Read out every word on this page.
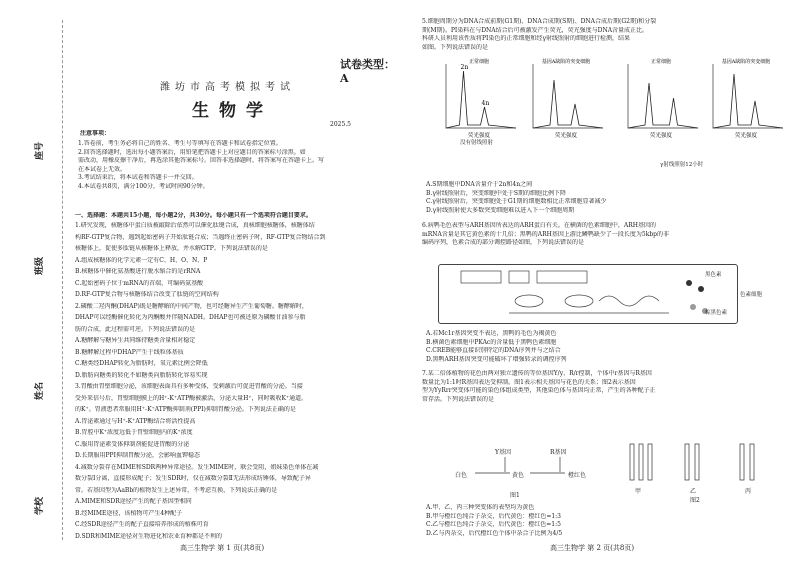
学校
姓名
班级
座号
试卷类型：A
潍坊市高考模拟考试
生物学
2025.5
注意事项：
1.答卷前，考生务必将自己的姓名、考生号等填写在答题卡和试卷指定位置。
2.回答选择题时，选出每小题答案后，用铅笔把答题卡上对应题目的答案标号涂黑。如
需改动，用橡皮擦干净后，再选涂其他答案标号。回答非选择题时，将答案写在答题卡上。写
在本试卷上无效。
3.考试结束后，将本试卷和答题卡一并交回。
4.本试卷共8页，满分100分，考试时间90分钟。
一、选择题：本题共15小题，每小题2分，共30分。每小题只有一个选项符合题目要求。
1.研究发现，核糖体中蛋白质被敲除后依然可以催化肽键合成，真核细胞核糖体，核糖体结
构RF-GTP复合物，遇到起始密码子开始肽链合成；当遇终止密码子时，RF-GTP复合物结合到
核糖体上，促使多肽链从核糖体上释放，并水解GTP。下列说法错误的是
A.组成核糖体的化学元素一定有C、H、O、N、P
B.核糖体中催化氨基酸进行脱水缩合的是rRNA
C.起始密码子位于mRNA的首端，可编码氨基酸
D.RF-GTP复合物与核糖体结合改变了肽链的空间结构
2.磷酸二羟丙酮(DHAP)既是糖酵解的中间产物，也可经糖异生产生葡萄糖。糖酵解时，
DHAP可以经酶催化转化为丙酮酸并伴随NADH。DHAP也可被还原为磷酸甘油参与脂
肪的合成，此过程需可逆。下列说法错误的是
A.糖酵解与糖异生共同维持糖类含量相对稳定
B.糖酵解过程中DHAP产生于线粒体基质
C.糖类经DHAP转化为脂肪时，氧元素比例会降低
D.脂肪向糖类的转化不如糖类向脂肪转化容易实现
3.胃酸由胃壁细胞分泌，该细胞表面具有多种受体，受刺激后可促进胃酸的分泌。当接
受外来信号后，胃壁细胞膜上的H⁺-K⁺ATP酶被激活，分泌大量H⁺，同时吸收K⁺通道。
的K⁺。胃液患者常服用H⁺-K⁺ATP酶抑制剂(PPI)抑制胃酸分泌。下列说法正确的是
A.胃泌素通过与H⁺-K⁺ATP酶结合将活性提高
B.胃腔中K⁺浓度远低于胃壁细胞内的K⁺浓度
C.服用胃泌素受体抑制剂能促进胃酸的分泌
D.长期服用PPI抑制胃酸分泌，会影响血钾稳态
4.减数分裂存在MIME和SDR两种异常途径。发生MIME时，联会受阻，姐妹染色单体在减
数分裂Ⅰ分离，直接形成配子；发生SDR时，仅在减数分裂Ⅱ无法形成纺锤体，导致配子异
常。若基因型为AaBb的植物发生上述异常，不考虑互换，下列说法正确的是
A.MIME和SDR途径产生的配子基因型相同
B.经MIME途径，该植物可产生4种配子
C.经SDR途径产生的配子直接培养形成的植株可育
D.SDR和MIME途径对生物进化和农业育种都是不利的
高三生物学 第 1 页(共8页)
5.细胞周期分为DNA合成前期(G1期)、DNA合成期(S期)、DNA合成后期(G2期)和分裂
期(M期)。PI染料在与DNA结合后可被激发产生荧光，荧光强度与DNA含量成正比。
科研人员利用该性质将PI染色的正常细胞和经γ射线照射的细胞进行检测，结果
如图。下列说法错误的是
2n
4n
正常细胞
荧光强度
基因A缺陷的突变细胞
荧光强度
正常细胞
荧光强度
基因A缺陷的突变细胞
荧光强度
没有射线照射
γ射线照射12小时
A.S期细胞中DNA含量介于2n和4n之间
B.γ射线照射后，突变细胞中处于S期的细胞比例下降
C.γ射线照射后，突变细胞处于G1期的细胞数相比正常细胞显著减少
D.γ射线照射使大多数突变细胞难以进入下一个细胞周期
6.病鸭毛色表型与ARH基因所表达的ARH蛋白有关。在横菌的色素细胞中，ARH基因的
mRNA含量是其它黄色素的十几倍；黑鸭的ARH基因上游比鳞鸭缺少了一段长度为5kbp的非
编码序列，色素合成的部分调控路径如图，下列说法错误的是
黑色素
色素细胞
棕黑色素
A.若Mc1r基因突变不表达，黑鸭的毛色为褐黄色
B.横菌色素细胞中PKAc的含量低于黑鸭色素细胞
C.CREB能够直接识别特定的DNA序列并与之结合
D.黑鸭ARH基因突变可能破坏了增强转录的调控序列
7.某二倍体植物的花色由两对独立遗传的等位基因Y/y、R/r控制，个体中r基因与R基因
数量比为1:1时R基因表达受抑制。图1表示相关基因与花色的关系；图2表示基因
型为YyRrr突变体可能的染色体组成类型，其他染色体与基因均正常，产生的各种配子正
常存活。下列说法错误的是
Y基因	R基因
白色	黄色	橙红色
图1
甲	乙	丙
图2
A.甲、乙、丙三种突变体的表型均为黄色
B.甲与橙红色纯合子杂交，后代黄色：橙红色=1:3
C.乙与橙红色纯合子杂交，后代黄色：橙红色=1:5
D.乙与丙杂交，后代橙红色个体中杂合子比例为4/5
高三生物学 第 2 页(共8页)
